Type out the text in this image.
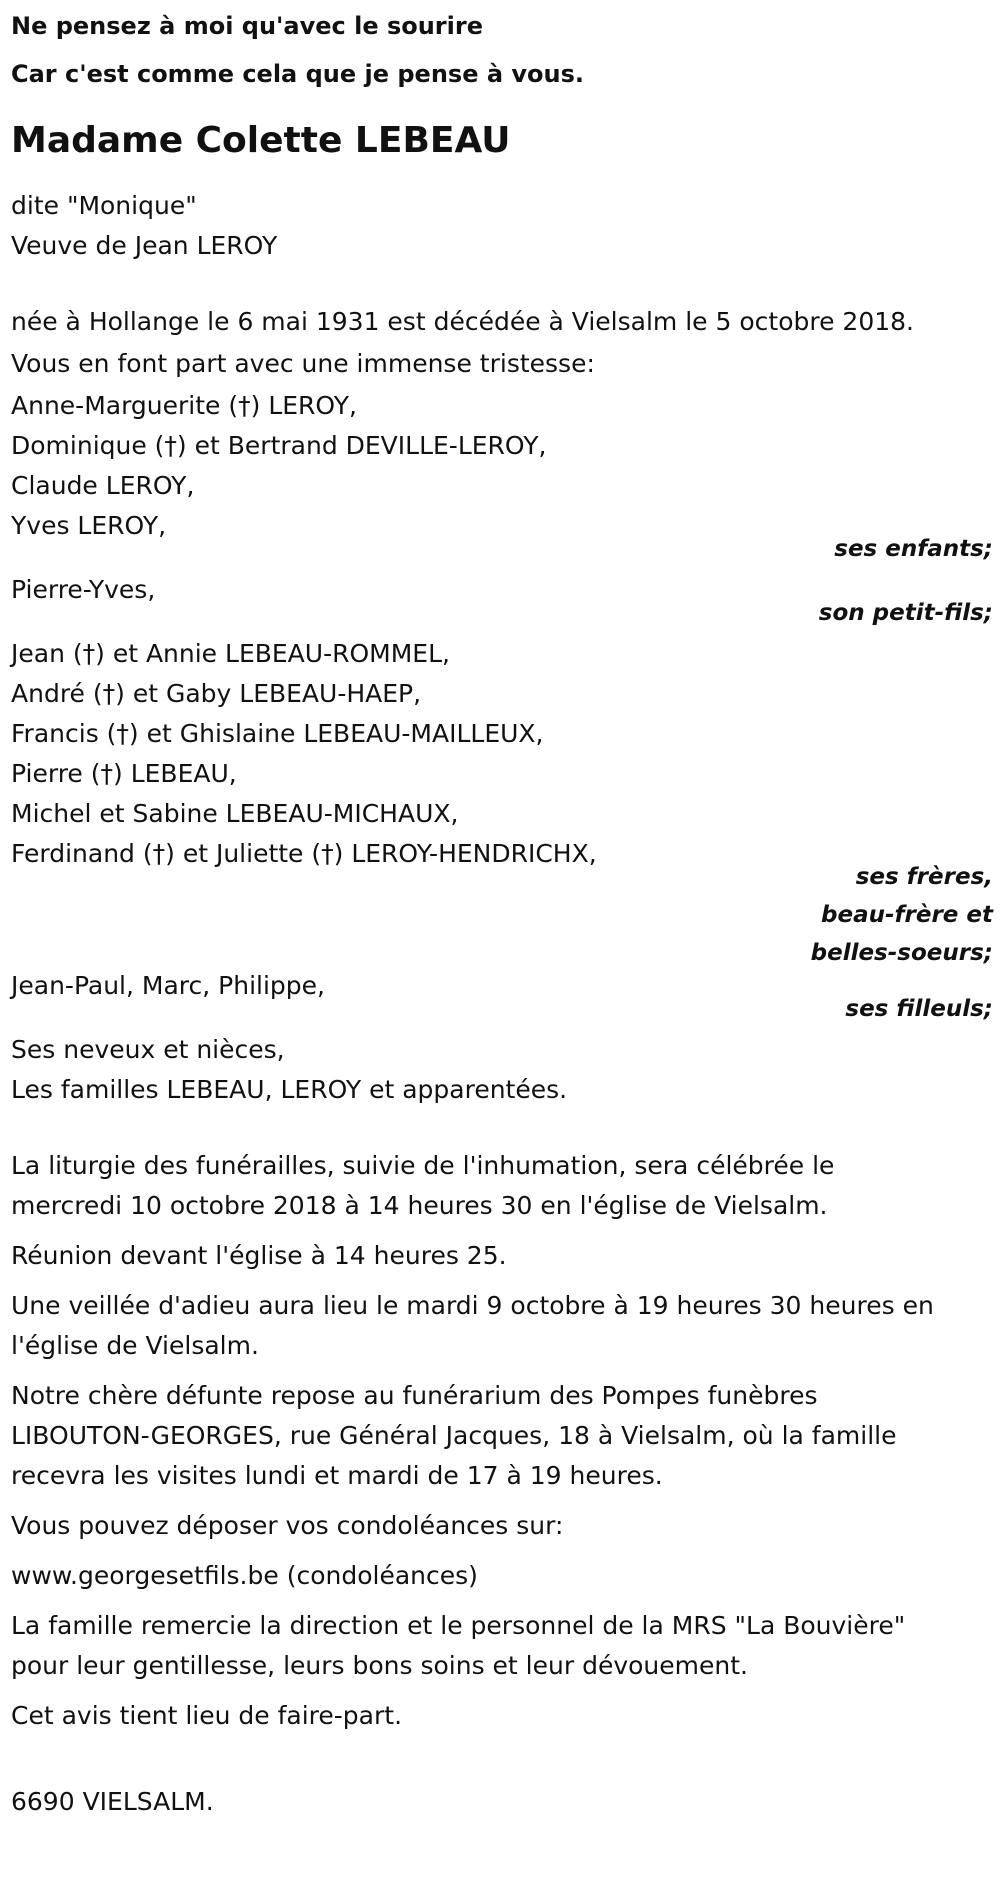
Ne pensez à moi qu'avec le sourire
Car c'est comme cela que je pense à vous.
Madame Colette LEBEAU
dite "Monique"
Veuve de Jean LEROY
née à Hollange le 6 mai 1931 est décédée à Vielsalm le 5 octobre 2018.
Vous en font part avec une immense tristesse:
Anne-Marguerite (†) LEROY,
Dominique (†) et Bertrand DEVILLE-LEROY,
Claude LEROY,
Yves LEROY,
ses enfants;
Pierre-Yves,
son petit-fils;
Jean (†) et Annie LEBEAU-ROMMEL,
André (†) et Gaby LEBEAU-HAEP,
Francis (†) et Ghislaine LEBEAU-MAILLEUX,
Pierre (†) LEBEAU,
Michel et Sabine LEBEAU-MICHAUX,
Ferdinand (†) et Juliette (†) LEROY-HENDRICHX,
ses frères,
beau-frère et
belles-soeurs;
Jean-Paul, Marc, Philippe,
ses filleuls;
Ses neveux et nièces,
Les familles LEBEAU, LEROY et apparentées.
La liturgie des funérailles, suivie de l'inhumation, sera célébrée le
mercredi 10 octobre 2018 à 14 heures 30 en l'église de Vielsalm.
Réunion devant l'église à 14 heures 25.
Une veillée d'adieu aura lieu le mardi 9 octobre à 19 heures 30 heures en
l'église de Vielsalm.
Notre chère défunte repose au funérarium des Pompes funèbres
LIBOUTON-GEORGES, rue Général Jacques, 18 à Vielsalm, où la famille
recevra les visites lundi et mardi de 17 à 19 heures.
Vous pouvez déposer vos condoléances sur:
www.georgesetfils.be (condoléances)
La famille remercie la direction et le personnel de la MRS "La Bouvière"
pour leur gentillesse, leurs bons soins et leur dévouement.
Cet avis tient lieu de faire-part.
6690 VIELSALM.
